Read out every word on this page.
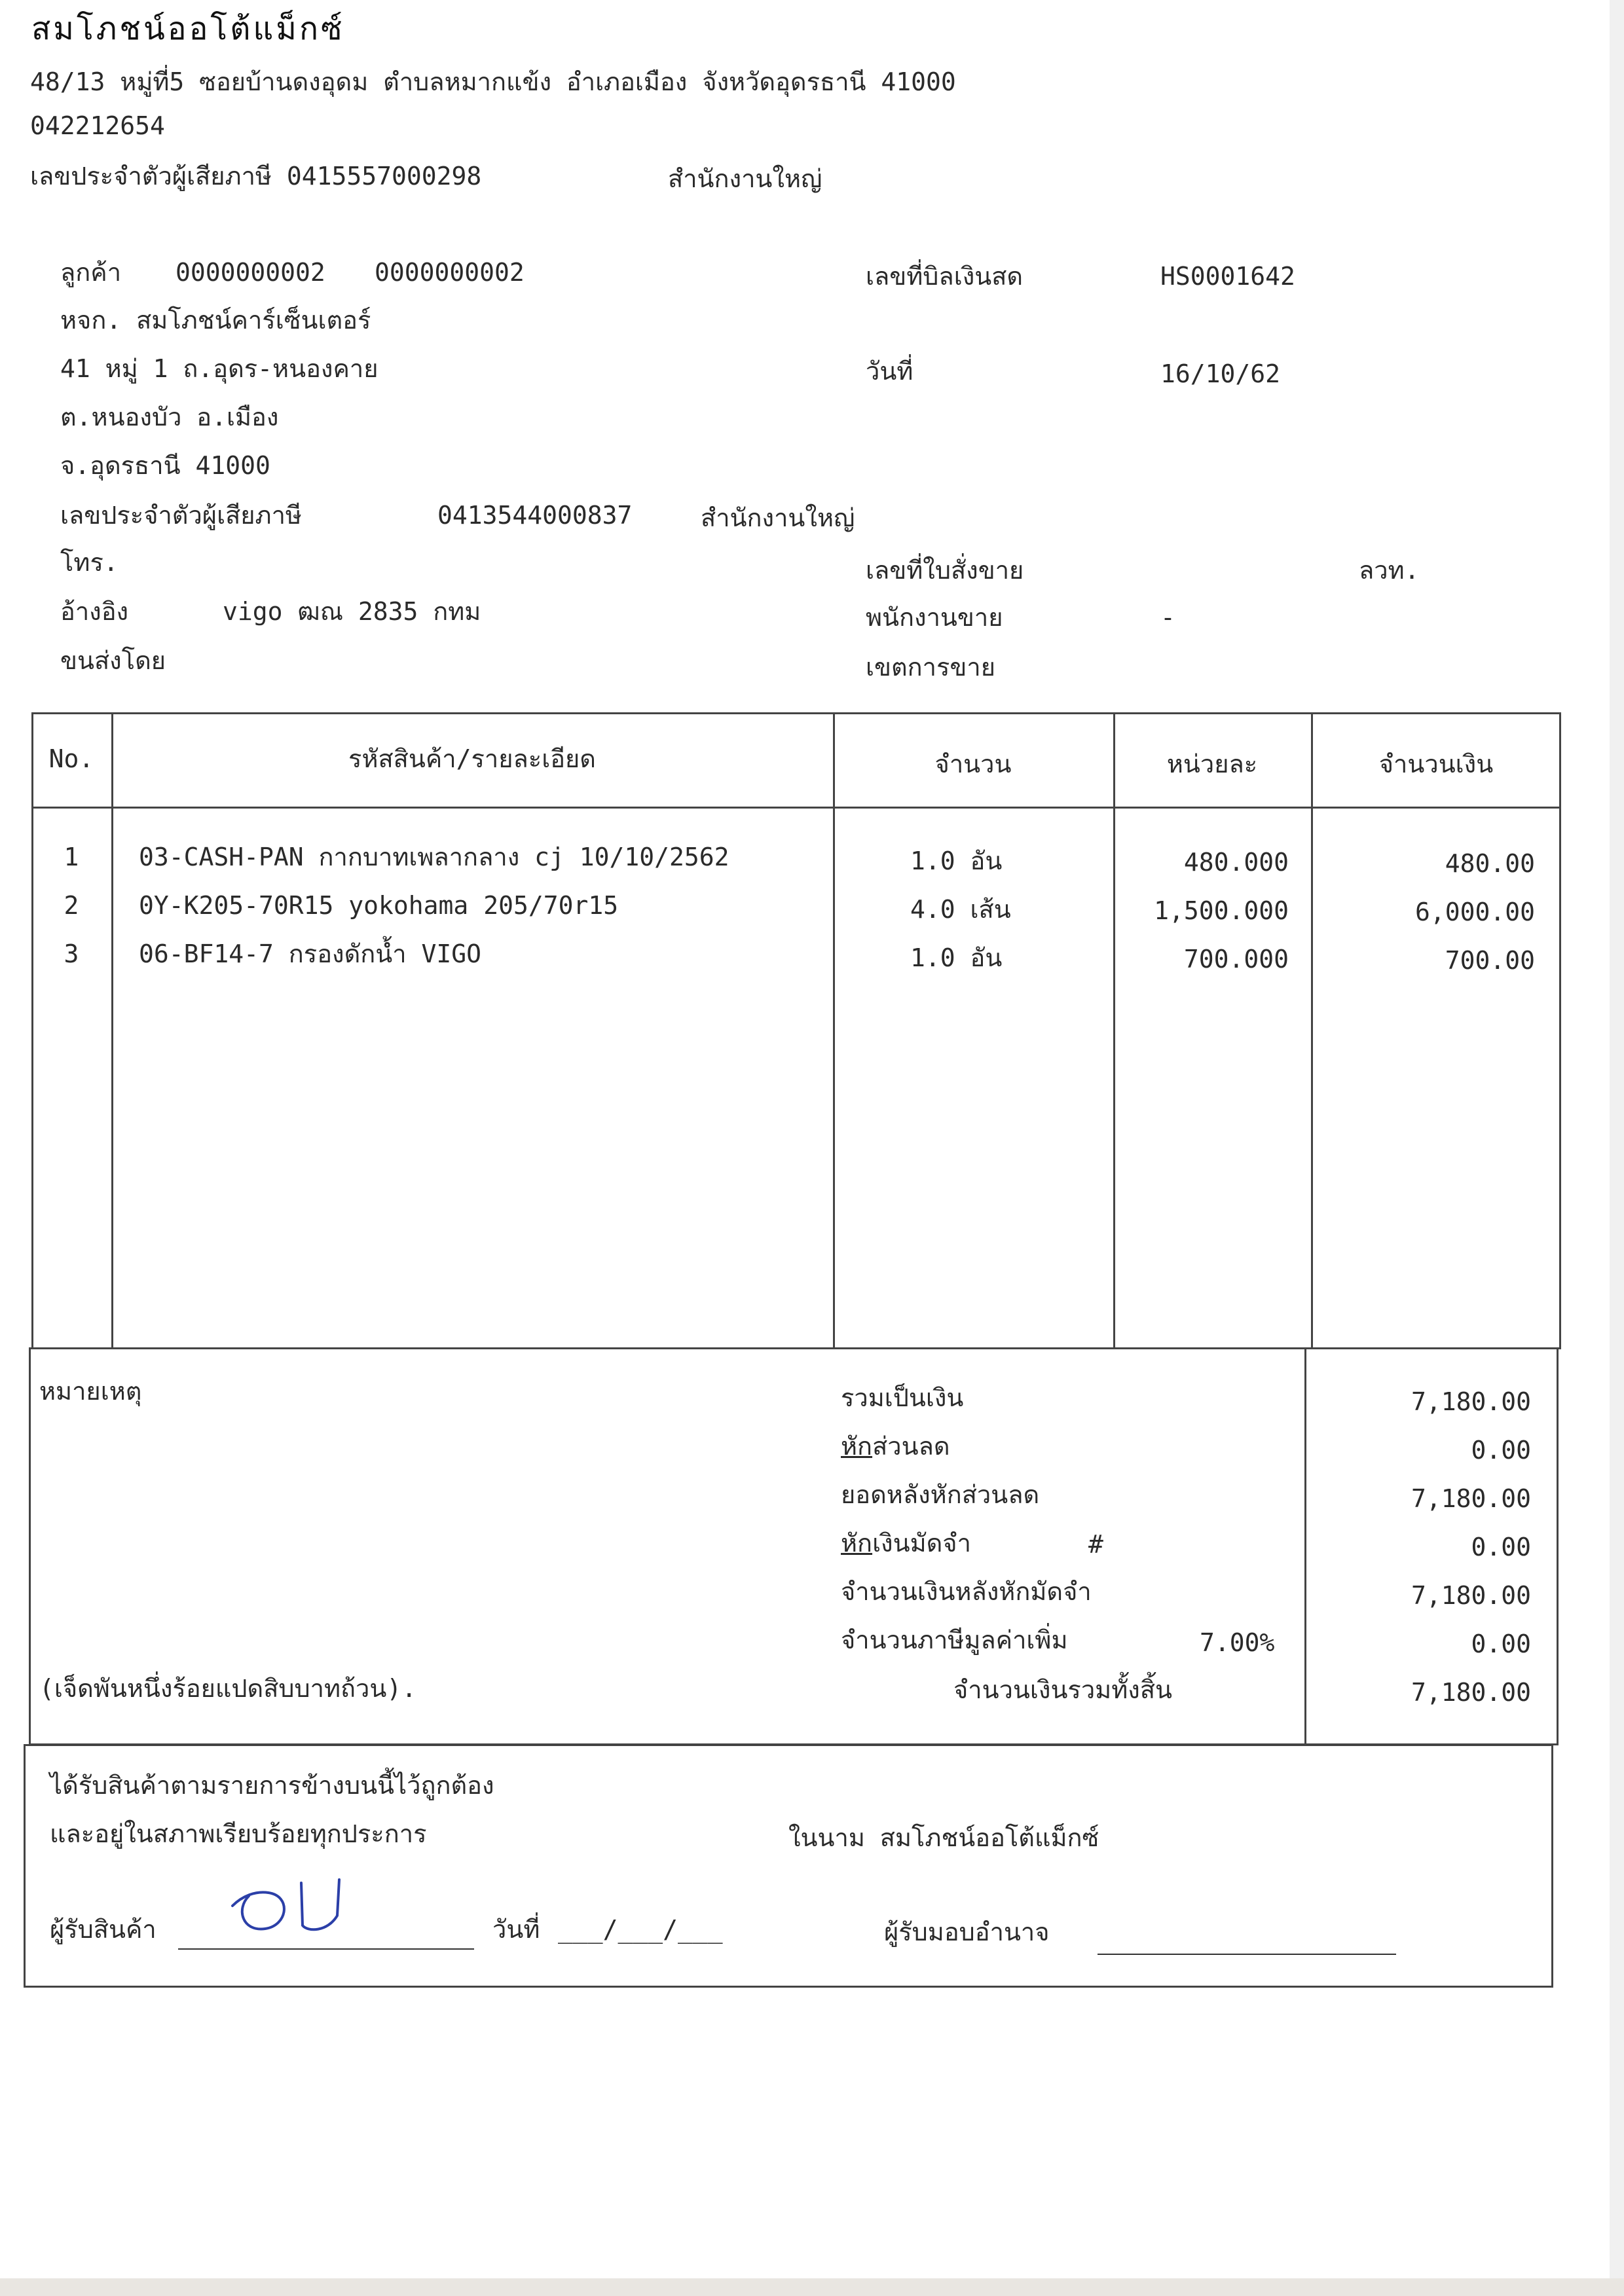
สมโภชน์ออโต้แม็กซ์
48/13 หมู่ที่5 ซอยบ้านดงอุดม ตำบลหมากแข้ง อำเภอเมือง จังหวัดอุดรธานี 41000
042212654
เลขประจำตัวผู้เสียภาษี 0415557000298	สำนักงานใหญ่
ลูกค้า 0000000002 0000000002
หจก. สมโภชน์คาร์เซ็นเตอร์
41 หมู่ 1 ถ.อุดร-หนองคาย
ต.หนองบัว อ.เมือง
จ.อุดรธานี 41000
เลขประจำตัวผู้เสียภาษี	0413544000837	สำนักงานใหญ่
โทร.
อ้างอิง	vigo ฒณ 2835 กทม
ขนส่งโดย
เลขที่บิลเงินสด	HS0001642
วันที่	16/10/62
เลขที่ใบสั่งขาย	ลวท.
พนักงานขาย	-
เขตการขาย
No.	รหัสสินค้า/รายละเอียด	จำนวน	หน่วยละ	จำนวนเงิน
1	03-CASH-PAN กากบาทเพลากลาง cj 10/10/2562	1.0 อัน	480.000	480.00
2	0Y-K205-70R15 yokohama 205/70r15	4.0 เส้น	1,500.000	6,000.00
3	06-BF14-7 กรองดักน้ำ VIGO	1.0 อัน	700.000	700.00
หมายเหตุ
(เจ็ดพันหนึ่งร้อยแปดสิบบาทถ้วน).
รวมเป็นเงิน	7,180.00
หักส่วนลด	0.00
ยอดหลังหักส่วนลด	7,180.00
หักเงินมัดจำ	#	0.00
จำนวนเงินหลังหักมัดจำ	7,180.00
จำนวนภาษีมูลค่าเพิ่ม	7.00%	0.00
จำนวนเงินรวมทั้งสิ้น	7,180.00
ได้รับสินค้าตามรายการข้างบนนี้ไว้ถูกต้อง
และอยู่ในสภาพเรียบร้อยทุกประการ	ในนาม สมโภชน์ออโต้แม็กซ์
ผู้รับสินค้า	วันที่ ___/___/___	ผู้รับมอบอำนาจ
